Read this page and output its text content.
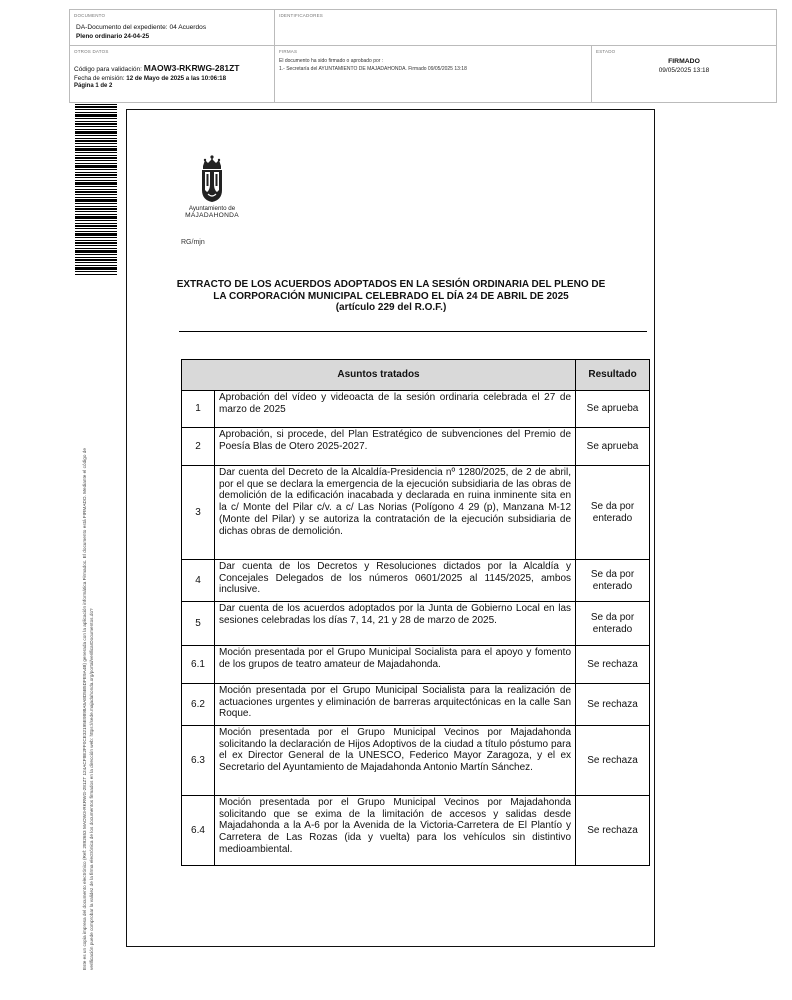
DOCUMENTO
DA-Documento del expediente: 04 Acuerdos
Pleno ordinario 24-04-25
IDENTIFICADORES
OTROS DATOS
Código para validación: MAOW3-RKRWG-281ZT
Fecha de emisión: 12 de Mayo de 2025 a las 10:06:18
Página 1 de 2
FIRMAS
El documento ha sido firmado o aprobado por :
1.- Secretaría del AYUNTAMIENTO DE MAJADAHONDA. Firmado 09/05/2025 13:18
ESTADO
FIRMADO
09/05/2025 13:18
Este es un copia impresa del documento electrónico (Ref: 2892653 MAOW3-RKRWG-281ZT 124ACF8E2FF0CE32195E9898A5A8D5B5DFE9A4B) generada con la aplicación informática Firmadoc. El documento está FIRMADO. Mediante el código de verificación puede comprobar la validez de la firma electrónica de los documentos firmados en la dirección web: https://sede.majadahonda.org/portal/verificarDocumentos.do?
Ayuntamiento de
MAJADAHONDA
RG/mjn
EXTRACTO DE LOS ACUERDOS ADOPTADOS EN LA SESIÓN ORDINARIA DEL PLENO DE
LA CORPORACIÓN MUNICIPAL CELEBRADO EL DÍA 24 DE ABRIL DE 2025
(artículo 229 del R.O.F.)
Asuntos tratados		Resultado
1	Aprobación del vídeo y videoacta de la sesión ordinaria celebrada el 27 de marzo de 2025	Se aprueba
2	Aprobación, si procede, del Plan Estratégico de subvenciones del Premio de Poesía Blas de Otero 2025-2027.	Se aprueba
3	Dar cuenta del Decreto de la Alcaldía-Presidencia nº 1280/2025, de 2 de abril, por el que se declara la emergencia de la ejecución subsidiaria de las obras de demolición de la edificación inacabada y declarada en ruina inminente sita en la c/ Monte del Pilar c/v. a c/ Las Norias (Polígono 4 29 (p), Manzana M-12 (Monte del Pilar) y se autoriza la contratación de la ejecución subsidiaria de dichas obras de demolición.	Se da por enterado
4	Dar cuenta de los Decretos y Resoluciones dictados por la Alcaldía y Concejales Delegados de los números 0601/2025 al 1145/2025, ambos inclusive.	Se da por enterado
5	Dar cuenta de los acuerdos adoptados por la Junta de Gobierno Local en las sesiones celebradas los días 7, 14, 21 y 28 de marzo de 2025.	Se da por enterado
6.1	Moción presentada por el Grupo Municipal Socialista para el apoyo y fomento de los grupos de teatro amateur de Majadahonda.	Se rechaza
6.2	Moción presentada por el Grupo Municipal Socialista para la realización de actuaciones urgentes y eliminación de barreras arquitectónicas en la calle San Roque.	Se rechaza
6.3	Moción presentada por el Grupo Municipal Vecinos por Majadahonda solicitando la declaración de Hijos Adoptivos de la ciudad a título póstumo para el ex Director General de la UNESCO, Federico Mayor Zaragoza, y el ex Secretario del Ayuntamiento de Majadahonda Antonio Martín Sánchez.	Se rechaza
6.4	Moción presentada por el Grupo Municipal Vecinos por Majadahonda solicitando que se exima de la limitación de accesos y salidas desde Majadahonda a la A-6 por la Avenida de la Victoria-Carretera de El Plantío y Carretera de Las Rozas (ida y vuelta) para los vehículos sin distintivo medioambiental.	Se rechaza
